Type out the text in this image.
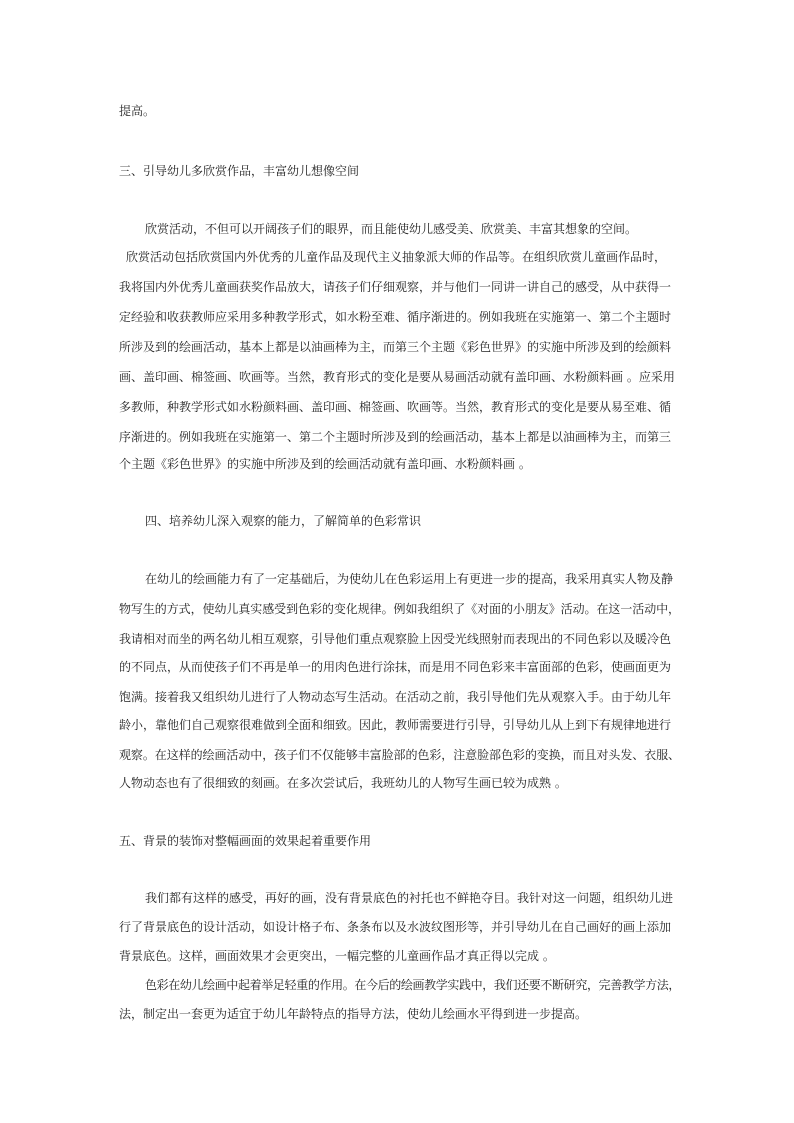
提高。

三、引导幼儿多欣赏作品，丰富幼儿想像空间

欣赏活动，不但可以开阔孩子们的眼界，而且能使幼儿感受美、欣赏美、丰富其想象的空间。

欣赏活动包括欣赏国内外优秀的儿童作品及现代主义抽象派大师的作品等。在组织欣赏儿童画作品时，

我将国内外优秀儿童画获奖作品放大，请孩子们仔细观察，并与他们一同讲一讲自己的感受，从中获得一

定经验和收获教师应采用多种教学形式，如水粉至难、循序渐进的。例如我班在实施第一、第二个主题时

所涉及到的绘画活动，基本上都是以油画棒为主，而第三个主题《彩色世界》的实施中所涉及到的绘颜料

画、盖印画、棉签画、吹画等。当然，教育形式的变化是要从易画活动就有盖印画、水粉颜料画 。应采用

多教师，种教学形式如水粉颜料画、盖印画、棉签画、吹画等。当然，教育形式的变化是要从易至难、循

序渐进的。例如我班在实施第一、第二个主题时所涉及到的绘画活动，基本上都是以油画棒为主，而第三

个主题《彩色世界》的实施中所涉及到的绘画活动就有盖印画、水粉颜料画 。

四、培养幼儿深入观察的能力，了解简单的色彩常识

在幼儿的绘画能力有了一定基础后，为使幼儿在色彩运用上有更进一步的提高，我采用真实人物及静

物写生的方式，使幼儿真实感受到色彩的变化规律。例如我组织了《对面的小朋友》活动。在这一活动中，

我请相对而坐的两名幼儿相互观察，引导他们重点观察脸上因受光线照射而表现出的不同色彩以及暖冷色

的不同点，从而使孩子们不再是单一的用肉色进行涂抹，而是用不同色彩来丰富面部的色彩，使画面更为

饱满。接着我又组织幼儿进行了人物动态写生活动。在活动之前，我引导他们先从观察入手。由于幼儿年

龄小，靠他们自己观察很难做到全面和细致。因此，教师需要进行引导，引导幼儿从上到下有规律地进行

观察。在这样的绘画活动中，孩子们不仅能够丰富脸部的色彩，注意脸部色彩的变换，而且对头发、衣服、

人物动态也有了很细致的刻画。在多次尝试后，我班幼儿的人物写生画已较为成熟 。

五、背景的装饰对整幅画面的效果起着重要作用

我们都有这样的感受，再好的画，没有背景底色的衬托也不鲜艳夺目。我针对这一问题，组织幼儿进

行了背景底色的设计活动，如设计格子布、条条布以及水波纹图形等，并引导幼儿在自己画好的画上添加

背景底色。这样，画面效果才会更突出，一幅完整的儿童画作品才真正得以完成 。

色彩在幼儿绘画中起着举足轻重的作用。在今后的绘画教学实践中，我们还要不断研究，完善教学方法，

法，制定出一套更为适宜于幼儿年龄特点的指导方法，使幼儿绘画水平得到进一步提高。
